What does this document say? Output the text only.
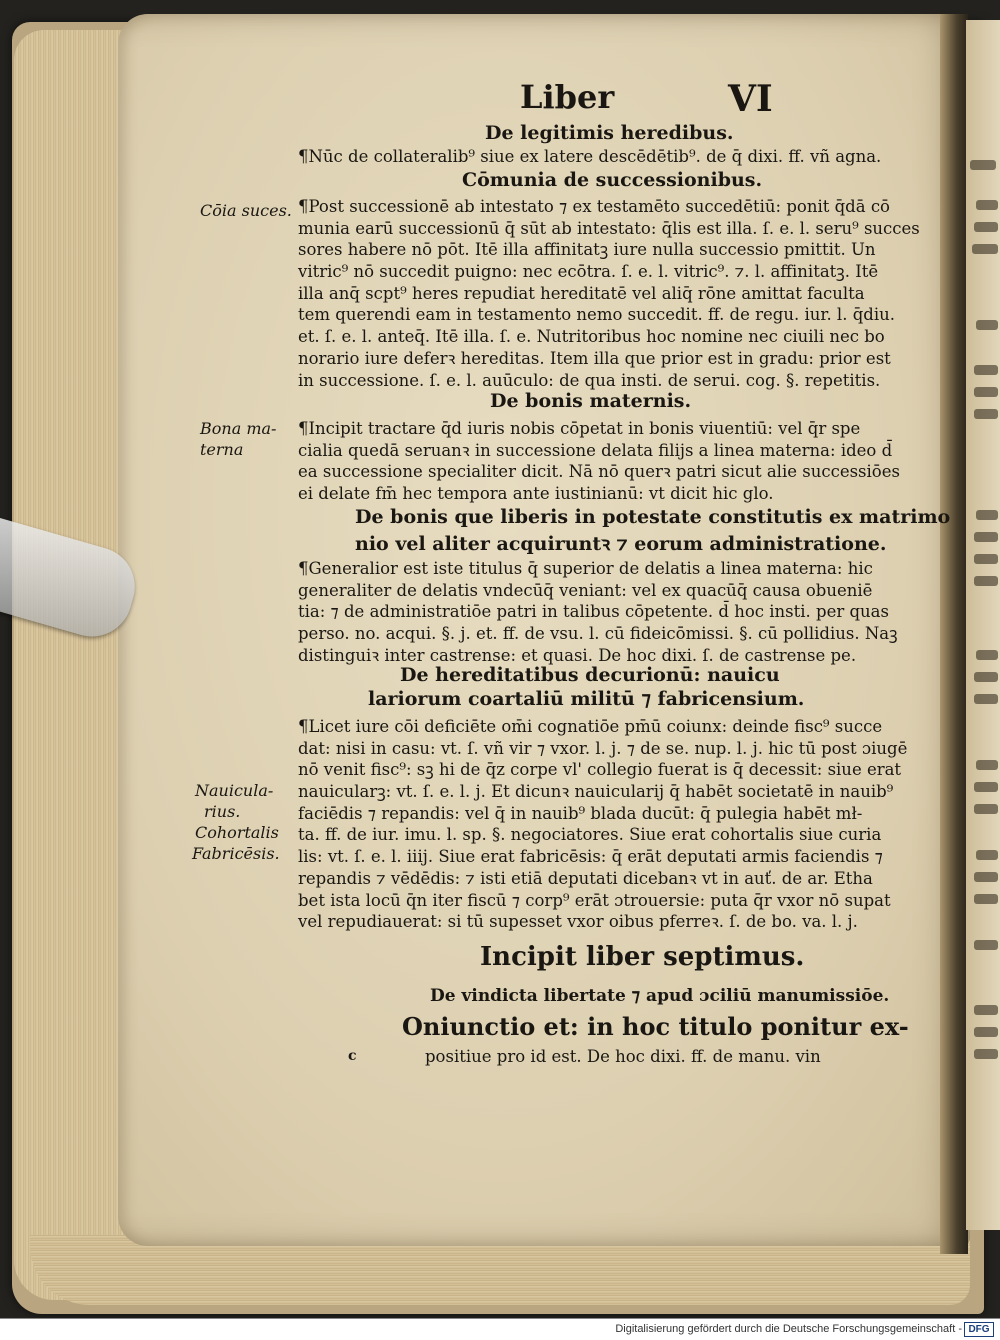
Liber	VI
De legitimis heredibus.
¶Nūc de collateralib⁹ siue ex latere descēdētib⁹. de q̄ dixi. ff. vñ agna.
Cōmunia de successionibus.
¶Post successionē ab intestato ⁊ ex testamēto succedētiū: ponit q̄dā cō
munia earū successionū q̄ sūt ab intestato: q̄lis est illa. ſ. e. l. seru⁹ succes
sores habere nō pōt. Itē illa affinitatꝫ iure nulla successio pmittit. Un
vitric⁹ nō succedit puigno: nec ecōtra. ſ. e. l. vitric⁹. ⁊. l. affinitatꝫ. Itē
illa anq̄ scpt⁹ heres repudiat hereditatē vel aliq̄ rōne amittat faculta
tem querendi eam in testamento nemo succedit. ff. de regu. iur. l. q̄diu.
et. ſ. e. l. anteq̄. Itē illa. ſ. e. Nutritoribus hoc nomine nec ciuili nec bo
norario iure deferꝛ hereditas. Item illa que prior est in gradu: prior est
in successione. ſ. e. l. auūculo: de qua insti. de serui. cog. §. repetitis.
De bonis maternis.
¶Incipit tractare q̄d iuris nobis cōpetat in bonis viuentiū: vel q̄r spe
cialia quedā seruanꝛ in successione delata filijs a linea materna: ideo d̄
ea successione specialiter dicit. Nā nō querꝛ patri sicut alie successiōes
ei delate fm̄ hec tempora ante iustinianū: vt dicit hic glo.
De bonis que liberis in potestate constitutis ex matrimo
nio vel aliter acquiruntꝛ ⁊ eorum administratione.
¶Generalior est iste titulus q̄ superior de delatis a linea materna: hic
generaliter de delatis vndecūq̄ veniant: vel ex quacūq̄ causa obueniē
tia: ⁊ de administratiōe patri in talibus cōpetente. d̄ hoc insti. per quas
perso. no. acqui. §. j. et. ff. de vsu. l. cū fideicōmissi. §. cū pollidius. Naꝫ
distinguiꝛ inter castrense: et quasi. De hoc dixi. ſ. de castrense pe.
De hereditatibus decurionū: nauicu
lariorum coartaliū militū ⁊ fabricensium.
¶Licet iure cōi deficiēte om̄i cognatiōe pm̄ū coiunx: deinde fisc⁹ succe
dat: nisi in casu: vt. ſ. vñ vir ⁊ vxor. l. j. ⁊ de se. nup. l. j. hic tū post ɔiugē
nō venit fisc⁹: sꝫ hi de q̄z corpe vl' collegio fuerat is q̄ decessit: siue erat
nauicularꝫ: vt. ſ. e. l. j. Et dicunꝛ nauicularij q̄ habēt societatē in nauib⁹
faciēdis ⁊ repandis: vel q̄ in nauib⁹ blada ducūt: q̄ pulegia habēt mł-
ta. ff. de iur. imu. l. sp. §. negociatores. Siue erat cohortalis siue curia
lis: vt. ſ. e. l. iiij. Siue erat fabricēsis: q̄ erāt deputati armis faciendis ⁊
repandis ⁊ vēdēdis: ⁊ isti etiā deputati dicebanꝛ vt in auť. de ar. Etha
bet ista locū q̄n iter fiscū ⁊ corp⁹ erāt ɔtrouersie: puta q̄r vxor nō supat
vel repudiauerat: si tū supesset vxor oibus pferreꝛ. ſ. de bo. va. l. j.
Cōia suces.
Bona ma-
terna
Nauicula-
rius.
Cohortalis
Fabricēsis.
Incipit liber septimus.
De vindicta libertate ⁊ apud ɔciliū manumissiōe.
Oniunctio et: in hoc titulo ponitur ex-
positiue pro id est. De hoc dixi. ff. de manu. vin
c
Digitalisierung gefördert durch die Deutsche Forschungsgemeinschaft - DFG
